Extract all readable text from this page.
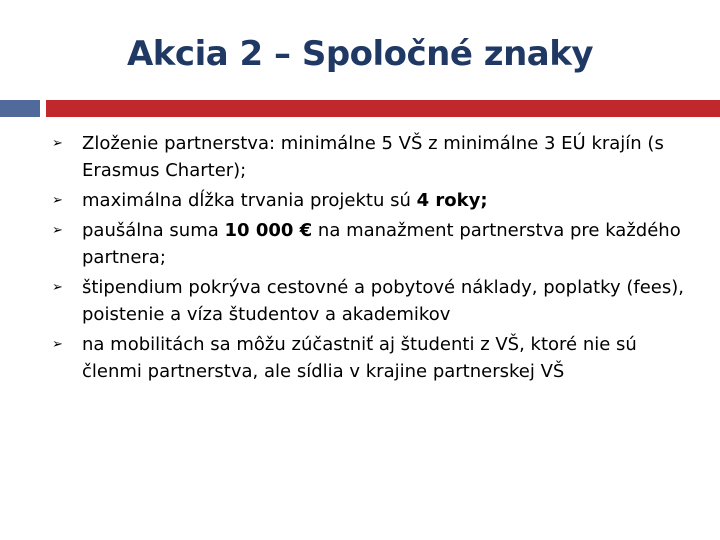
Akcia 2 – Spoločné znaky
➢ Zloženie partnerstva: minimálne 5 VŠ z minimálne 3 EÚ krajín (s Erasmus Charter);
➢ maximálna dĺžka trvania projektu sú 4 roky;
➢ paušálna suma 10 000 € na manažment partnerstva pre každého partnera;
➢ štipendium pokrýva cestovné a pobytové náklady, poplatky (fees), poistenie a víza študentov a akademikov
➢ na mobilitách sa môžu zúčastniť aj študenti z VŠ, ktoré nie sú členmi partnerstva, ale sídlia v krajine partnerskej VŠ
